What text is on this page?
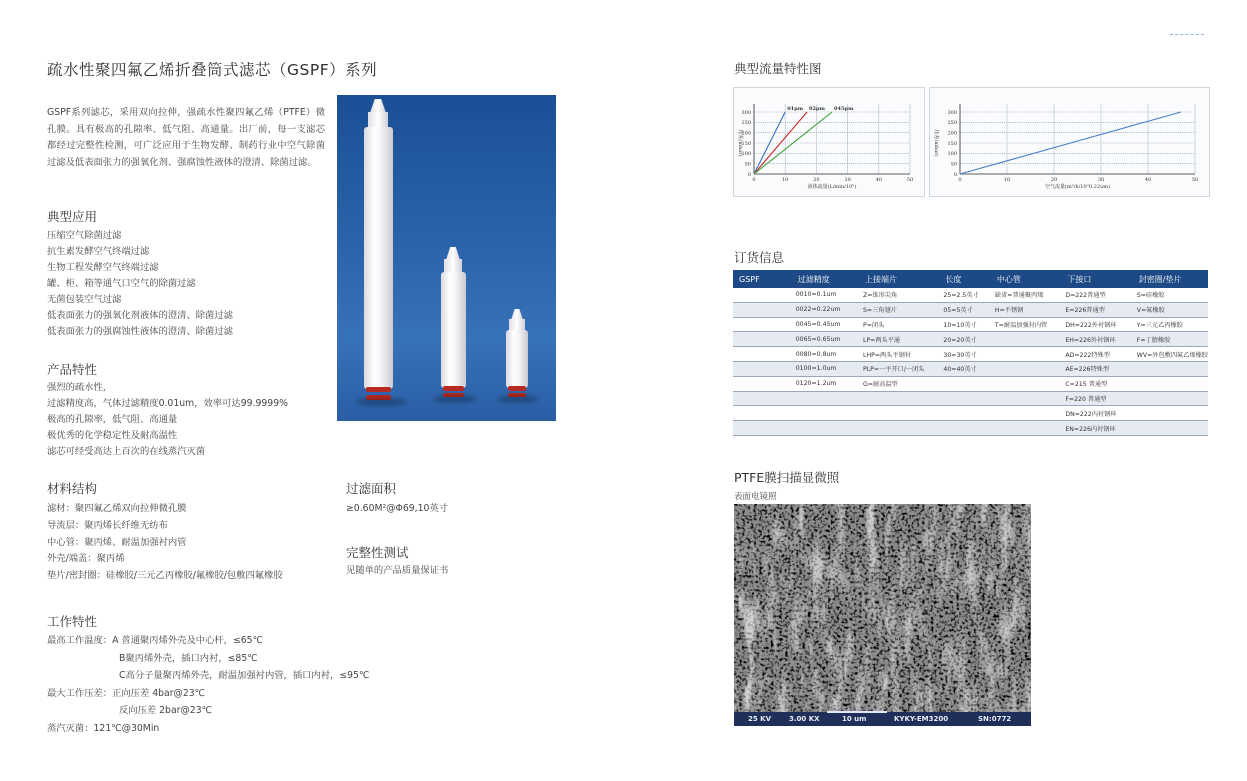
疏水性聚四氟乙烯折叠筒式滤芯（GSPF）系列
GSPF系列滤芯，采用双向拉伸，强疏水性聚四氟乙烯（PTFE）微孔膜。具有极高的孔隙率、低气阻、高通量。出厂前，每一支滤芯都经过完整性检测，可广泛应用于生物发酵、制药行业中空气除菌过滤及低表面张力的强氧化剂、强腐蚀性液体的澄清、除菌过滤。
典型应用
压缩空气除菌过滤
抗生素发酵空气终端过滤
生物工程发酵空气终端过滤
罐、柜、箱等通气口空气的除菌过滤
无菌包装空气过滤
低表面张力的强氧化剂液体的澄清、除菌过滤
低表面张力的强腐蚀性液体的澄清、除菌过滤
产品特性
强烈的疏水性，
过滤精度高，气体过滤精度0.01um，效率可达99.9999%
极高的孔隙率，低气阻、高通量
极优秀的化学稳定性及耐高温性
滤芯可经受高达上百次的在线蒸汽灭菌
材料结构
滤材：聚四氟乙烯双向拉伸微孔膜
导流层：聚丙烯长纤维无纺布
中心管：聚丙烯、耐温加强衬内管
外壳/端盖：聚丙烯
垫片/密封圈：硅橡胶/三元乙丙橡胶/氟橡胶/包敷四氟橡胶
过滤面积
≥0.60M²@Φ69,10英寸
完整性测试
见随单的产品质量保证书
工作特性
最高工作温度：A 普通聚丙烯外壳及中心杆，≤65℃
B聚丙烯外壳，插口内衬，≤85℃
C高分子量聚丙烯外壳，耐温加强衬内管，插口内衬，≤95℃
最大工作压差：正向压差 4bar@23℃
反向压差 2bar@23℃
蒸汽灭菌：121℃@30Min
典型流量特性图
0
50
100
150
200
250
300
0	10	20	30	40	50
01μm 02μm 045μm
液体流量(L/min/10")
压差(mbar)
0
50
100
150
200
250
300
0	10	20	30	40	50
空气流量(m³/h/10"0.22um)
压差(mbar)
订货信息
GSPF	过滤精度	上接端片	长度	中心管	下接口	封密圈/垫片
	0010=0.1um	Z=锥形尖角	25=2.5英寸	缺省=普通聚丙烯	D=222普通型	S=硅橡胶
	0022=0.22um	S=三角翅片	05=5英寸	H=不锈钢	E=226普通型	V=氟橡胶
	0045=0.45um	P=闭头	10=10英寸	T=耐温加强衬内管	DH=222外衬钢环	Y=三元乙丙橡胶
	0065=0.65um	LP=两头平通	20=20英寸		EH=226外衬钢环	F=丁腈橡胶
	0080=0.8um	LHP=两头平钢衬	30=30英寸		AD=222特殊型	WV=外包敷四氟乙烯橡胶
	0100=1.0um	PLP=一平开口/一闭头	40=40英寸		AE=226特殊型	
	0120=1.2um	G=耐高温型			C=215 普通型	
					F=220 普通型	
					DN=222内衬钢环	
					EN=226内衬钢环	
PTFE膜扫描显微照
表面电镜照
25 KV	3.00 KX	10 um	KYKY-EM3200	SN:0772
